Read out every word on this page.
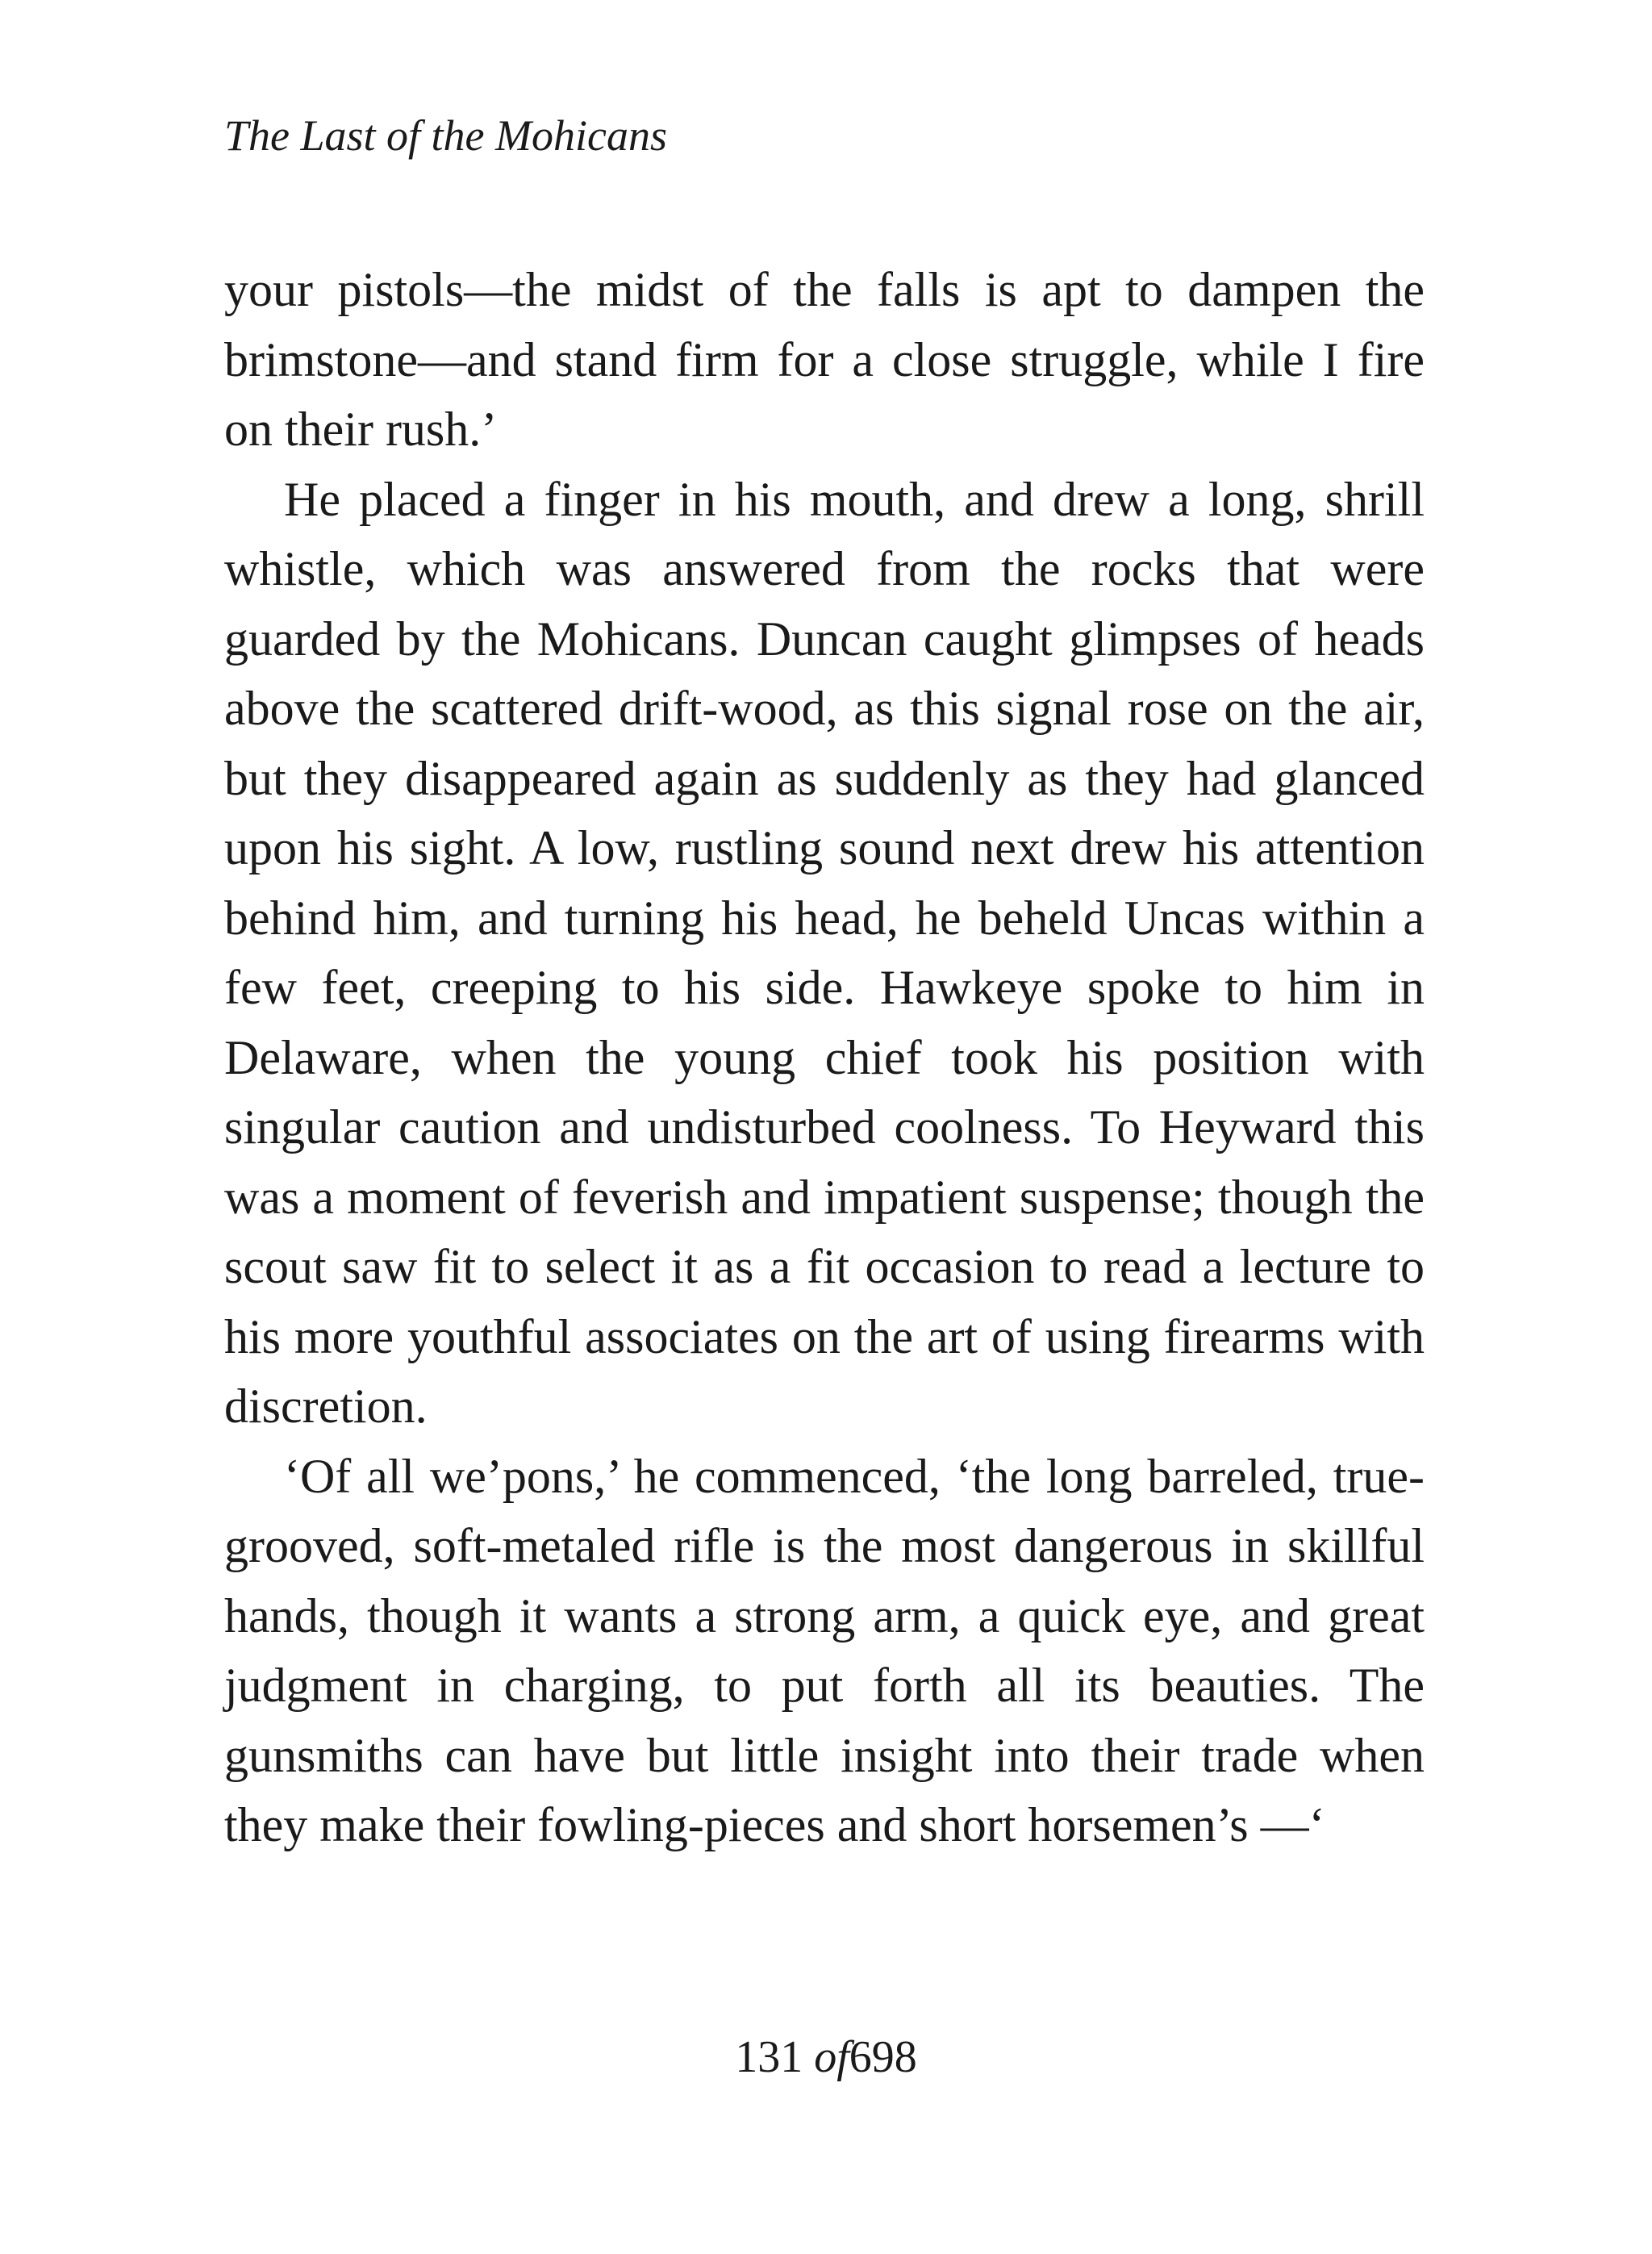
The Last of the Mohicans

your pistols—the midst of the falls is apt to dampen the brimstone—and stand firm for a close struggle, while I fire on their rush.’

He placed a finger in his mouth, and drew a long, shrill whistle, which was answered from the rocks that were guarded by the Mohicans. Duncan caught glimpses of heads above the scattered drift-wood, as this signal rose on the air, but they disappeared again as suddenly as they had glanced upon his sight. A low, rustling sound next drew his attention behind him, and turning his head, he beheld Uncas within a few feet, creeping to his side. Hawkeye spoke to him in Delaware, when the young chief took his position with singular caution and undisturbed coolness. To Heyward this was a moment of feverish and impatient suspense; though the scout saw fit to select it as a fit occasion to read a lecture to his more youthful associates on the art of using firearms with discretion.

‘Of all we’pons,’ he commenced, ‘the long barreled, true-grooved, soft-metaled rifle is the most dangerous in skillful hands, though it wants a strong arm, a quick eye, and great judgment in charging, to put forth all its beauties. The gunsmiths can have but little insight into their trade when they make their fowling-pieces and short horsemen’s —‘

131 of698
